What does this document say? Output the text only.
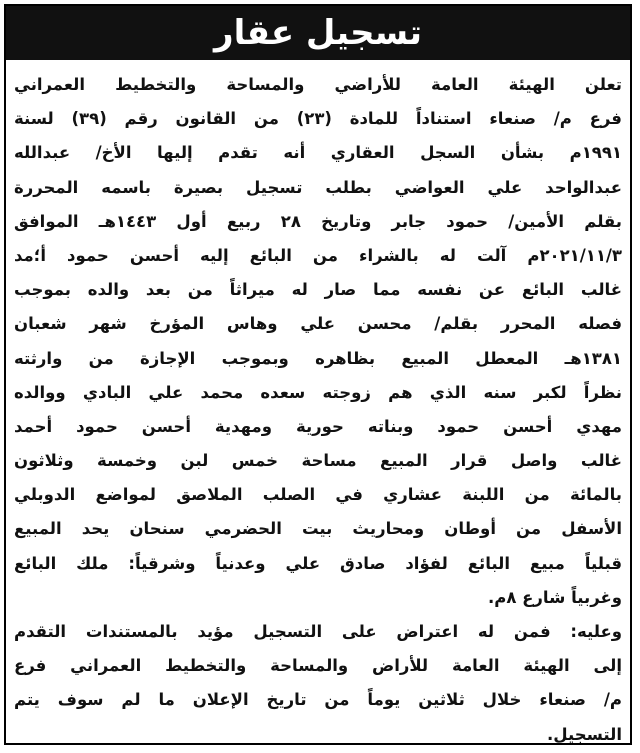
تسجيل عقار
تعلن الهيئة العامة للأراضي والمساحة والتخطيط العمراني
فرع م/ صنعاء استناداً للمادة (٢٣) من القانون رقم (٣٩) لسنة
١٩٩١م بشأن السجل العقاري أنه تقدم إليها الأخ/ عبدالله
عبدالواحد علي العواضي بطلب تسجيل بصيرة باسمه المحررة
بقلم الأمين/ حمود جابر وتاريخ ٢٨ ربيع أول ١٤٤٣هـ الموافق
٢٠٢١/١١/٣م آلت له بالشراء من البائع إليه أحسن حمود أ؛مد
غالب البائع عن نفسه مما صار له ميراثاً من بعد والده بموجب
فصله المحرر بقلم/ محسن علي وهاس المؤرخ شهر شعبان
١٣٨١هـ المعطل المبيع بظاهره وبموجب الإجازة من وارثته
نظراً لكبر سنه الذي هم زوجته سعده محمد علي البادي ووالده
مهدي أحسن حمود وبناته حورية ومهدية أحسن حمود أحمد
غالب واصل قرار المبيع مساحة خمس لبن وخمسة وثلاثون
بالمائة من اللبنة عشاري في الصلب الملاصق لمواضع الدوبلي
الأسفل من أوطان ومحاريث بيت الحضرمي سنحان يحد المبيع
قبلياً مبيع البائع لفؤاد صادق علي وعدنياً وشرقياً: ملك البائع
وغربياً شارع ٨م.
وعليه: فمن له اعتراض على التسجيل مؤيد بالمستندات التقدم
إلى الهيئة العامة للأراض والمساحة والتخطيط العمراني فرع
م/ صنعاء خلال ثلاثين يوماً من تاريخ الإعلان ما لم سوف يتم
التسجيل.
